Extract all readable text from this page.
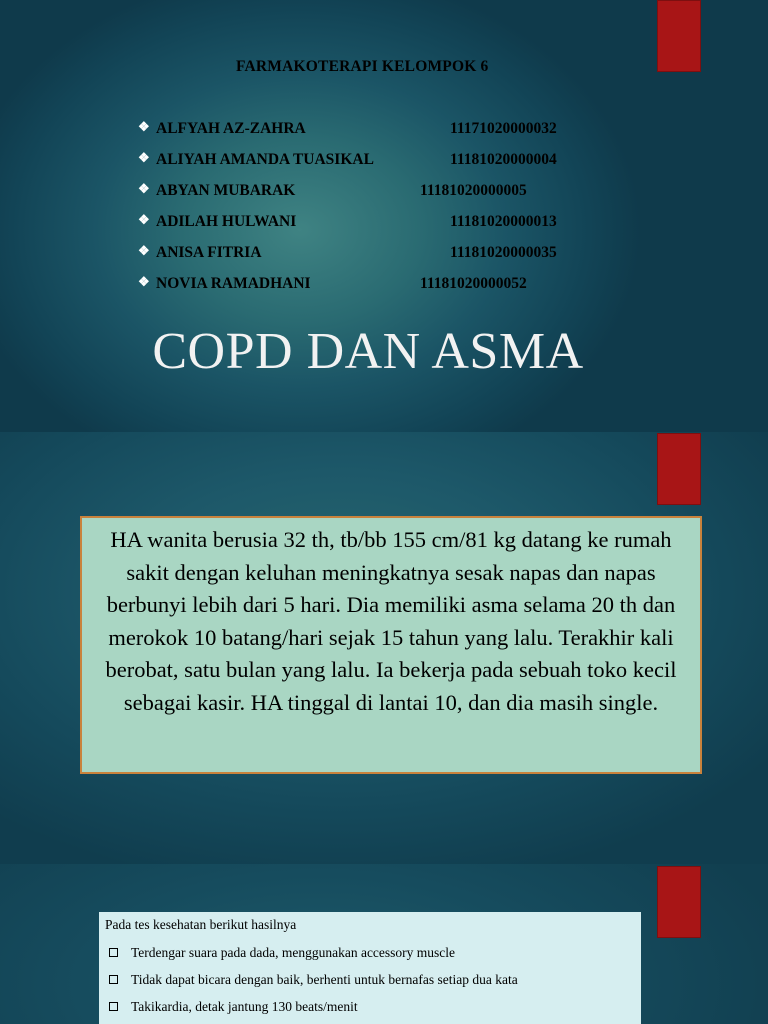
FARMAKOTERAPI KELOMPOK 6
❖ ALFYAH AZ-ZAHRA	11171020000032
❖ ALIYAH AMANDA TUASIKAL	11181020000004
❖ ABYAN MUBARAK	11181020000005
❖ ADILAH HULWANI	11181020000013
❖ ANISA FITRIA	11181020000035
❖ NOVIA RAMADHANI	11181020000052
COPD DAN ASMA

HA wanita berusia 32 th, tb/bb 155 cm/81 kg datang ke rumah sakit dengan keluhan meningkatnya sesak napas dan napas berbunyi lebih dari 5 hari. Dia memiliki asma selama 20 th dan merokok 10 batang/hari sejak 15 tahun yang lalu. Terakhir kali berobat, satu bulan yang lalu. Ia bekerja pada sebuah toko kecil sebagai kasir. HA tinggal di lantai 10, dan dia masih single.

Pada tes kesehatan berikut hasilnya

Terdengar suara pada dada, menggunakan accessory muscle
Tidak dapat bicara dengan baik, berhenti untuk bernafas setiap dua kata
Takikardia, detak jantung 130 beats/menit
